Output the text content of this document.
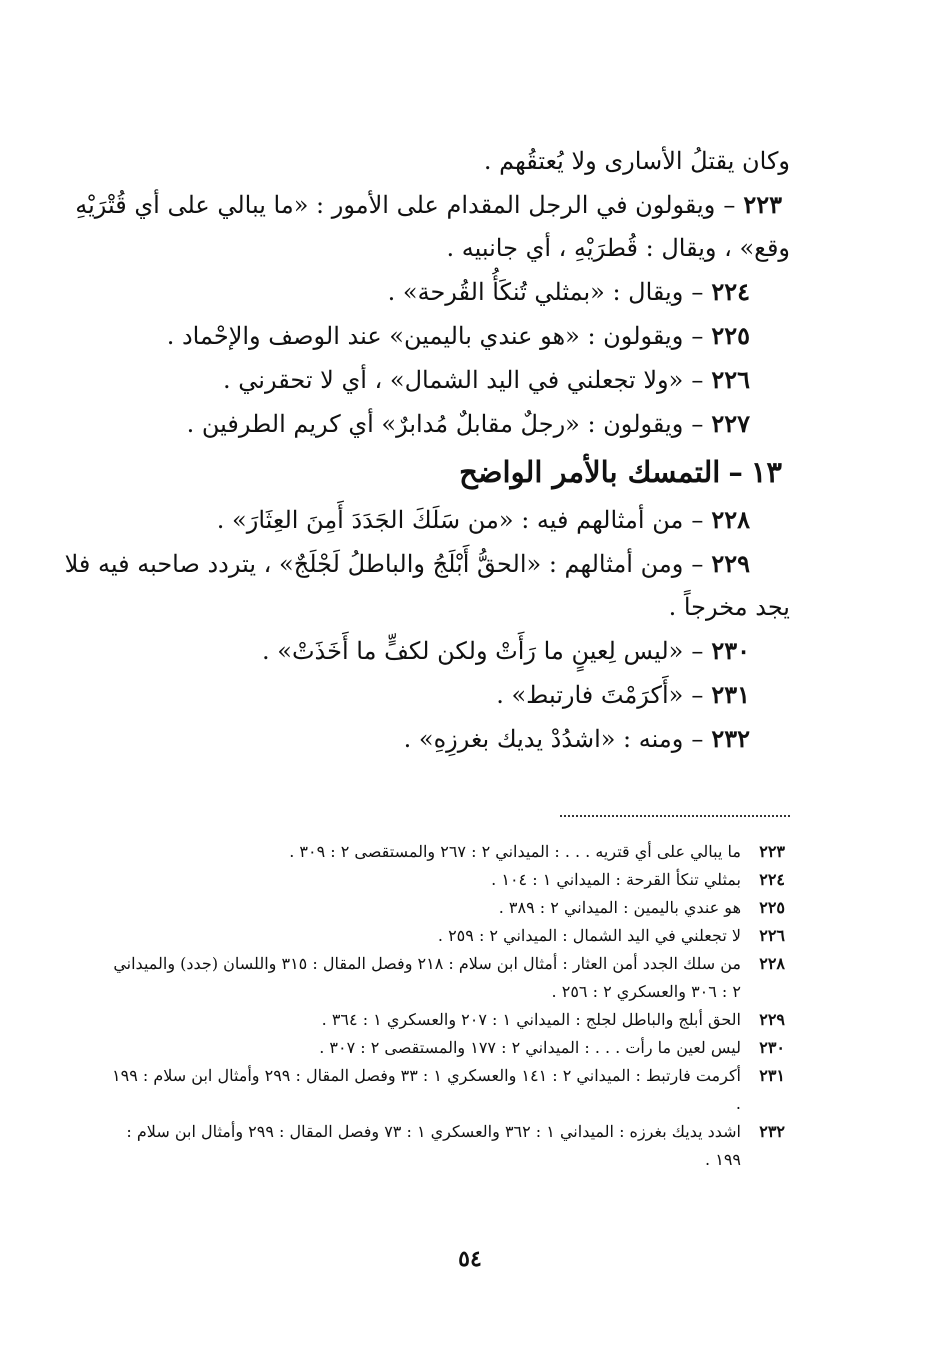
وكان يقتلُ الأسارى ولا يُعتقُهم .
٢٢٣–ويقولون في الرجل المقدام على الأمور : «ما يبالي على أي قُتْرَيْهِ
وقع» ، ويقال : قُطرَيْهِ ، أي جانبيه .
٢٢٤–ويقال : «بمثلي تُنكَأُ القُرحة» .
٢٢٥–ويقولون : «هو عندي باليمين» عند الوصف والإحْماد .
٢٢٦–«ولا تجعلني في اليد الشمال» ، أي لا تحقرني .
٢٢٧–ويقولون : «رجلٌ مقابلٌ مُدابرٌ» أي كريم الطرفين .
١٣–التمسك بالأمر الواضح
٢٢٨–من أمثالهم فيه : «من سَلَكَ الجَدَدَ أَمِنَ العِثَارَ» .
٢٢٩–ومن أمثالهم : «الحقُّ أَبْلَجُ والباطلُ لَجْلَجٌ» ، يتردد صاحبه فيه فلا
يجد مخرجاً .
٢٣٠–«ليس لِعينٍ ما رَأَتْ ولكن لكفٍّ ما أَخَذَتْ» .
٢٣١–«أَكرَمْتَ فارتبط» .
٢٣٢–ومنه : «اشدُدْ يديك بغرزِهِ» .
٢٢٣
ما يبالي على أي قتريه . . . : الميداني ٢ : ٢٦٧ والمستقصى ٢ : ٣٠٩ .
٢٢٤
بمثلي تنكأ القرحة : الميداني ١ : ١٠٤ .
٢٢٥
هو عندي باليمين : الميداني ٢ : ٣٨٩ .
٢٢٦
لا تجعلني في اليد الشمال : الميداني ٢ : ٢٥٩ .
٢٢٨
من سلك الجدد أمن العثار : أمثال ابن سلام : ٢١٨ وفصل المقال : ٣١٥ واللسان (جدد) والميداني ٢ : ٣٠٦ والعسكري ٢ : ٢٥٦ .
٢٢٩
الحق أبلج والباطل لجلج : الميداني ١ : ٢٠٧ والعسكري ١ : ٣٦٤ .
٢٣٠
ليس لعين ما رأت . . . : الميداني ٢ : ١٧٧ والمستقصى ٢ : ٣٠٧ .
٢٣١
أكرمت فارتبط : الميداني ٢ : ١٤١ والعسكري ١ : ٣٣ وفصل المقال : ٢٩٩ وأمثال ابن سلام : ١٩٩ .
٢٣٢
اشدد يديك بغرزه : الميداني ١ : ٣٦٢ والعسكري ١ : ٧٣ وفصل المقال : ٢٩٩ وأمثال ابن سلام : ١٩٩ .
٥٤
